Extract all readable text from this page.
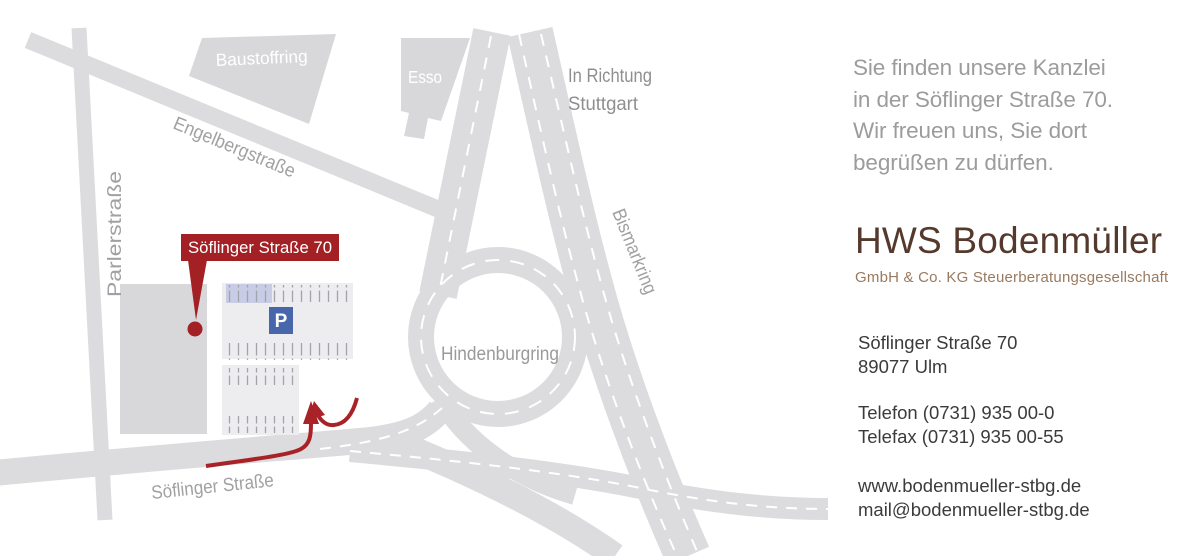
P
Engelbergstraße
Parlerstraße
Söflinger Straße
Hindenburgring
Bismarkring
In Richtung
Stuttgart
Baustoffring
Esso
Söflinger Straße 70

Sie finden unsere Kanzlei
in der Söflinger Straße 70.
Wir freuen uns, Sie dort
begrüßen zu dürfen.

HWS Bodenmüller
GmbH & Co. KG Steuerberatungsgesellschaft
Söflinger Straße 70
89077 Ulm
Telefon (0731) 935 00-0
Telefax (0731) 935 00-55
www.bodenmueller-stbg.de
mail@bodenmueller-stbg.de
